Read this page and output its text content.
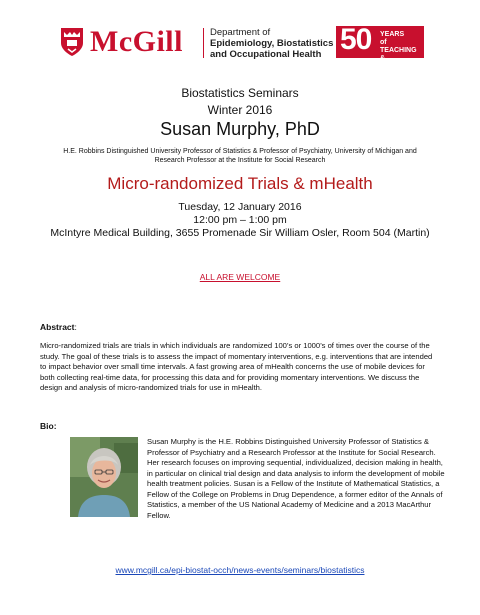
McGill	Department of
Epidemiology, Biostatistics
and Occupational Health 50 YEARS
of TEACHING
& RESEARCH
Biostatistics Seminars
Winter 2016
Susan Murphy, PhD
H.E. Robbins Distinguished University Professor of Statistics & Professor of Psychiatry, University of Michigan and Research Professor at the Institute for Social Research
Micro-randomized Trials & mHealth
Tuesday, 12 January 2016
12:00 pm – 1:00 pm
McIntyre Medical Building, 3655 Promenade Sir William Osler, Room 504 (Martin)
ALL ARE WELCOME
Abstract:
Micro-randomized trials are trials in which individuals are randomized 100’s or 1000’s of times over the course of the study. The goal of these trials is to assess the impact of momentary interventions, e.g. interventions that are intended to impact behavior over small time intervals. A fast growing area of mHealth concerns the use of mobile devices for both collecting real-time data, for processing this data and for providing momentary interventions. We discuss the design and analysis of micro-randomized trials for use in mHealth.
Bio:
Susan Murphy is the H.E. Robbins Distinguished University Professor of Statistics & Professor of Psychiatry and a Research Professor at the Institute for Social Research. Her research focuses on improving sequential, individualized, decision making in health, in particular on clinical trial design and data analysis to inform the development of mobile health treatment policies. Susan is a Fellow of the Institute of Mathematical Statistics, a Fellow of the College on Problems in Drug Dependence, a former editor of the Annals of Statistics, a member of the US National Academy of Medicine and a 2013 MacArthur Fellow.
www.mcgill.ca/epi-biostat-occh/news-events/seminars/biostatistics
